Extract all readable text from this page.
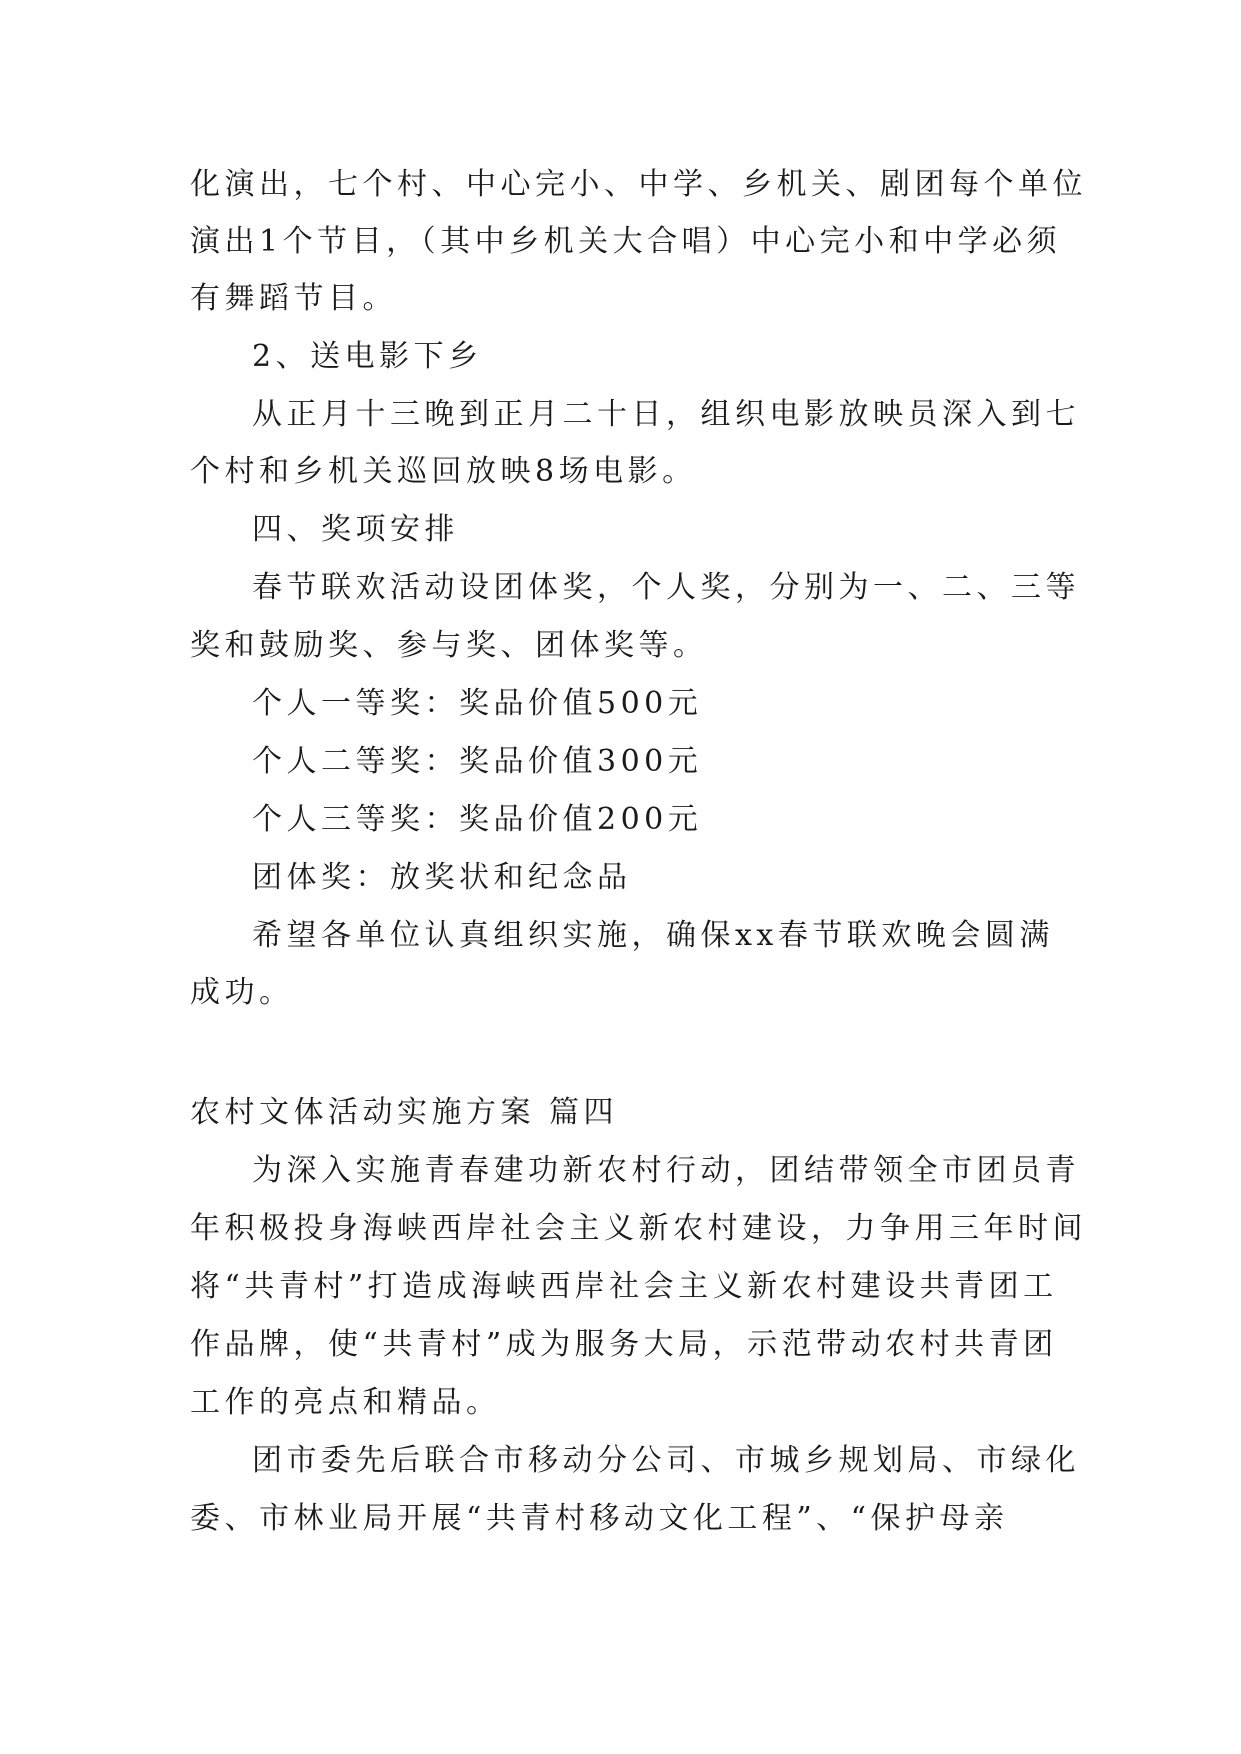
化演出，七个村、中心完小、中学、乡机关、剧团每个单位
演出1个节目，（其中乡机关大合唱）中心完小和中学必须
有舞蹈节目。
2、送电影下乡
从正月十三晚到正月二十日，组织电影放映员深入到七
个村和乡机关巡回放映8场电影。
四、奖项安排
春节联欢活动设团体奖，个人奖，分别为一、二、三等
奖和鼓励奖、参与奖、团体奖等。
个人一等奖：奖品价值500元
个人二等奖：奖品价值300元
个人三等奖：奖品价值200元
团体奖：放奖状和纪念品
希望各单位认真组织实施，确保xx春节联欢晚会圆满
成功。
农村文体活动实施方案 篇四
为深入实施青春建功新农村行动，团结带领全市团员青
年积极投身海峡西岸社会主义新农村建设，力争用三年时间
将“共青村”打造成海峡西岸社会主义新农村建设共青团工
作品牌，使“共青村”成为服务大局，示范带动农村共青团
工作的亮点和精品。
团市委先后联合市移动分公司、市城乡规划局、市绿化
委、市林业局开展“共青村移动文化工程”、“保护母亲
